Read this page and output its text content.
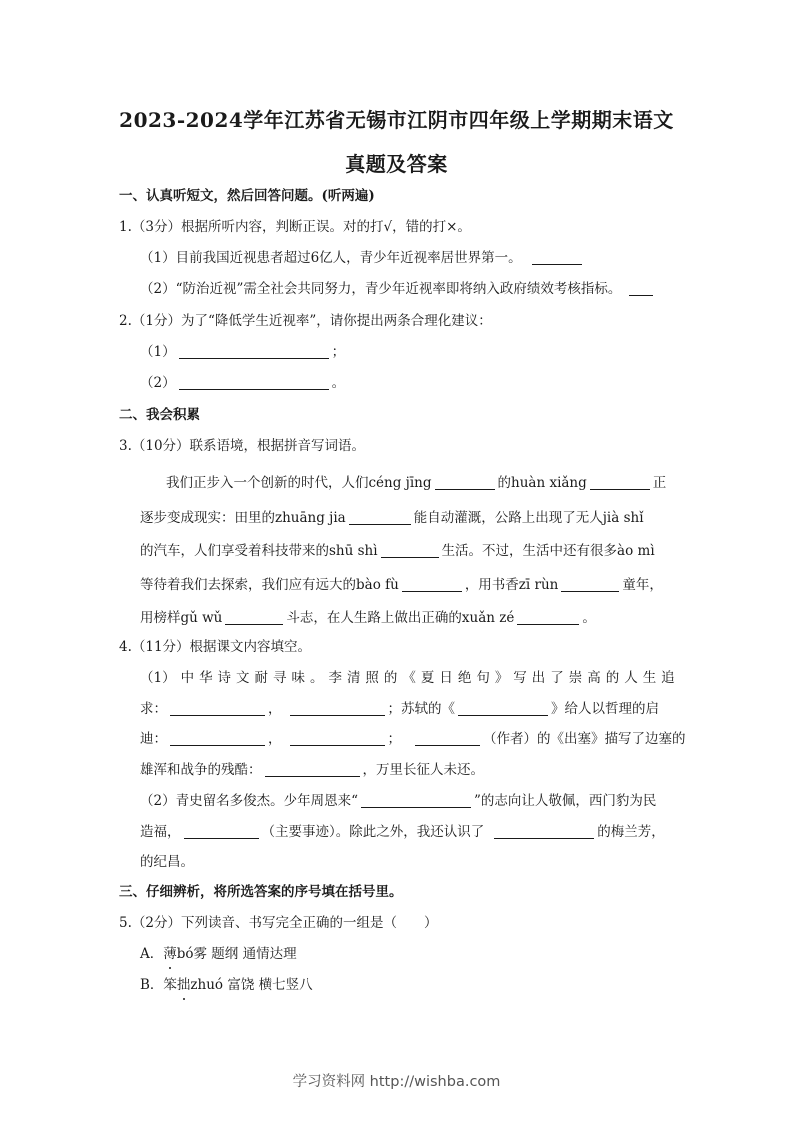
2023-2024学年江苏省无锡市江阴市四年级上学期期末语文
真题及答案
一、认真听短文，然后回答问题。(听两遍)
1.（3分）根据所听内容，判断正误。对的打√，错的打×。
（1）目前我国近视患者超过6亿人，青少年近视率居世界第一。
（2）“防治近视”需全社会共同努力，青少年近视率即将纳入政府绩效考核指标。
2.（1分）为了“降低学生近视率”，请你提出两条合理化建议：
（1）	；
（2）	。
二、我会积累
3.（10分）联系语境，根据拼音写词语。
我们正步入一个创新的时代，人们céng jīng	的huàn xiǎng	正
逐步变成现实：田里的zhuāng jia	能自动灌溉，公路上出现了无人jià shǐ
的汽车，人们享受着科技带来的shū shì	生活。不过，生活中还有很多ào mì
等待着我们去探索，我们应有远大的bào fù	，用书香zī rùn	童年，
用榜样gǔ wǔ	斗志，在人生路上做出正确的xuǎn zé	。
4.（11分）根据课文内容填空。
（1） 中 华 诗 文 耐 寻 味 。 李 清 照 的 《 夏 日 绝 句 》 写 出 了 崇 高 的 人 生 追
求：	，	；苏轼的《	》给人以哲理的启
迪：	，	；	（作者）的《出塞》描写了边塞的
雄浑和战争的残酷：	，万里长征人未还。
（2）青史留名多俊杰。少年周恩来“	”的志向让人敬佩，西门豹为民
造福，	（主要事迹）。除此之外，我还认识了	的梅兰芳，
的纪昌。
三、仔细辨析，将所选答案的序号填在括号里。
5.（2分）下列读音、书写完全正确的一组是（　　）
A．薄bó雾 题纲 通情达理
B．笨拙zhuó 富饶 横七竖八
学习资料网 http://wishba.com
